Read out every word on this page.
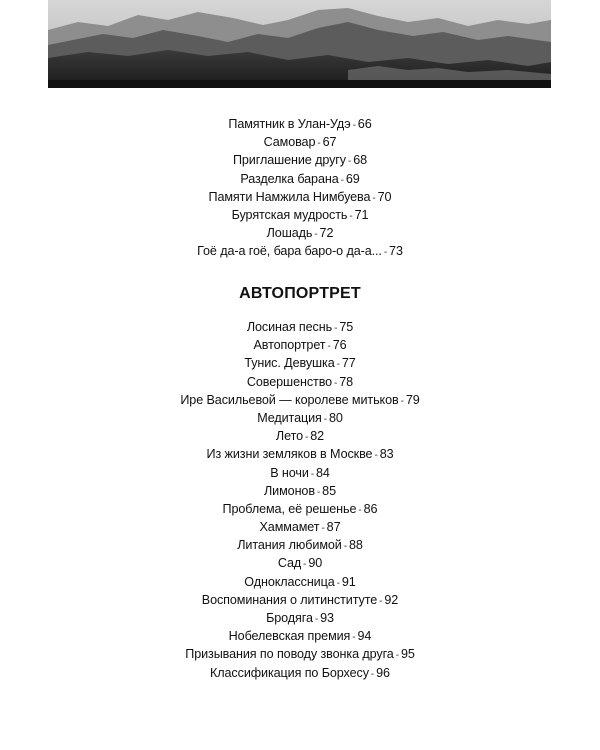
Памятник в Улан-Удэ - 66
Самовар - 67
Приглашение другу - 68
Разделка барана - 69
Памяти Намжила Нимбуева - 70
Бурятская мудрость - 71
Лошадь - 72
Гоё да-а гоё, бара баро-о да-а... - 73
АВТОПОРТРЕТ
Лосиная песнь - 75
Автопортрет - 76
Тунис. Девушка - 77
Совершенство - 78
Ире Васильевой — королеве митьков - 79
Медитация - 80
Лето - 82
Из жизни земляков в Москве - 83
В ночи - 84
Лимонов - 85
Проблема, её решенье - 86
Хаммамет - 87
Литания любимой - 88
Сад - 90
Одноклассница - 91
Воспоминания о литинституте - 92
Бродяга - 93
Нобелевская премия - 94
Призывания по поводу звонка друга - 95
Классификация по Борхесу - 96
